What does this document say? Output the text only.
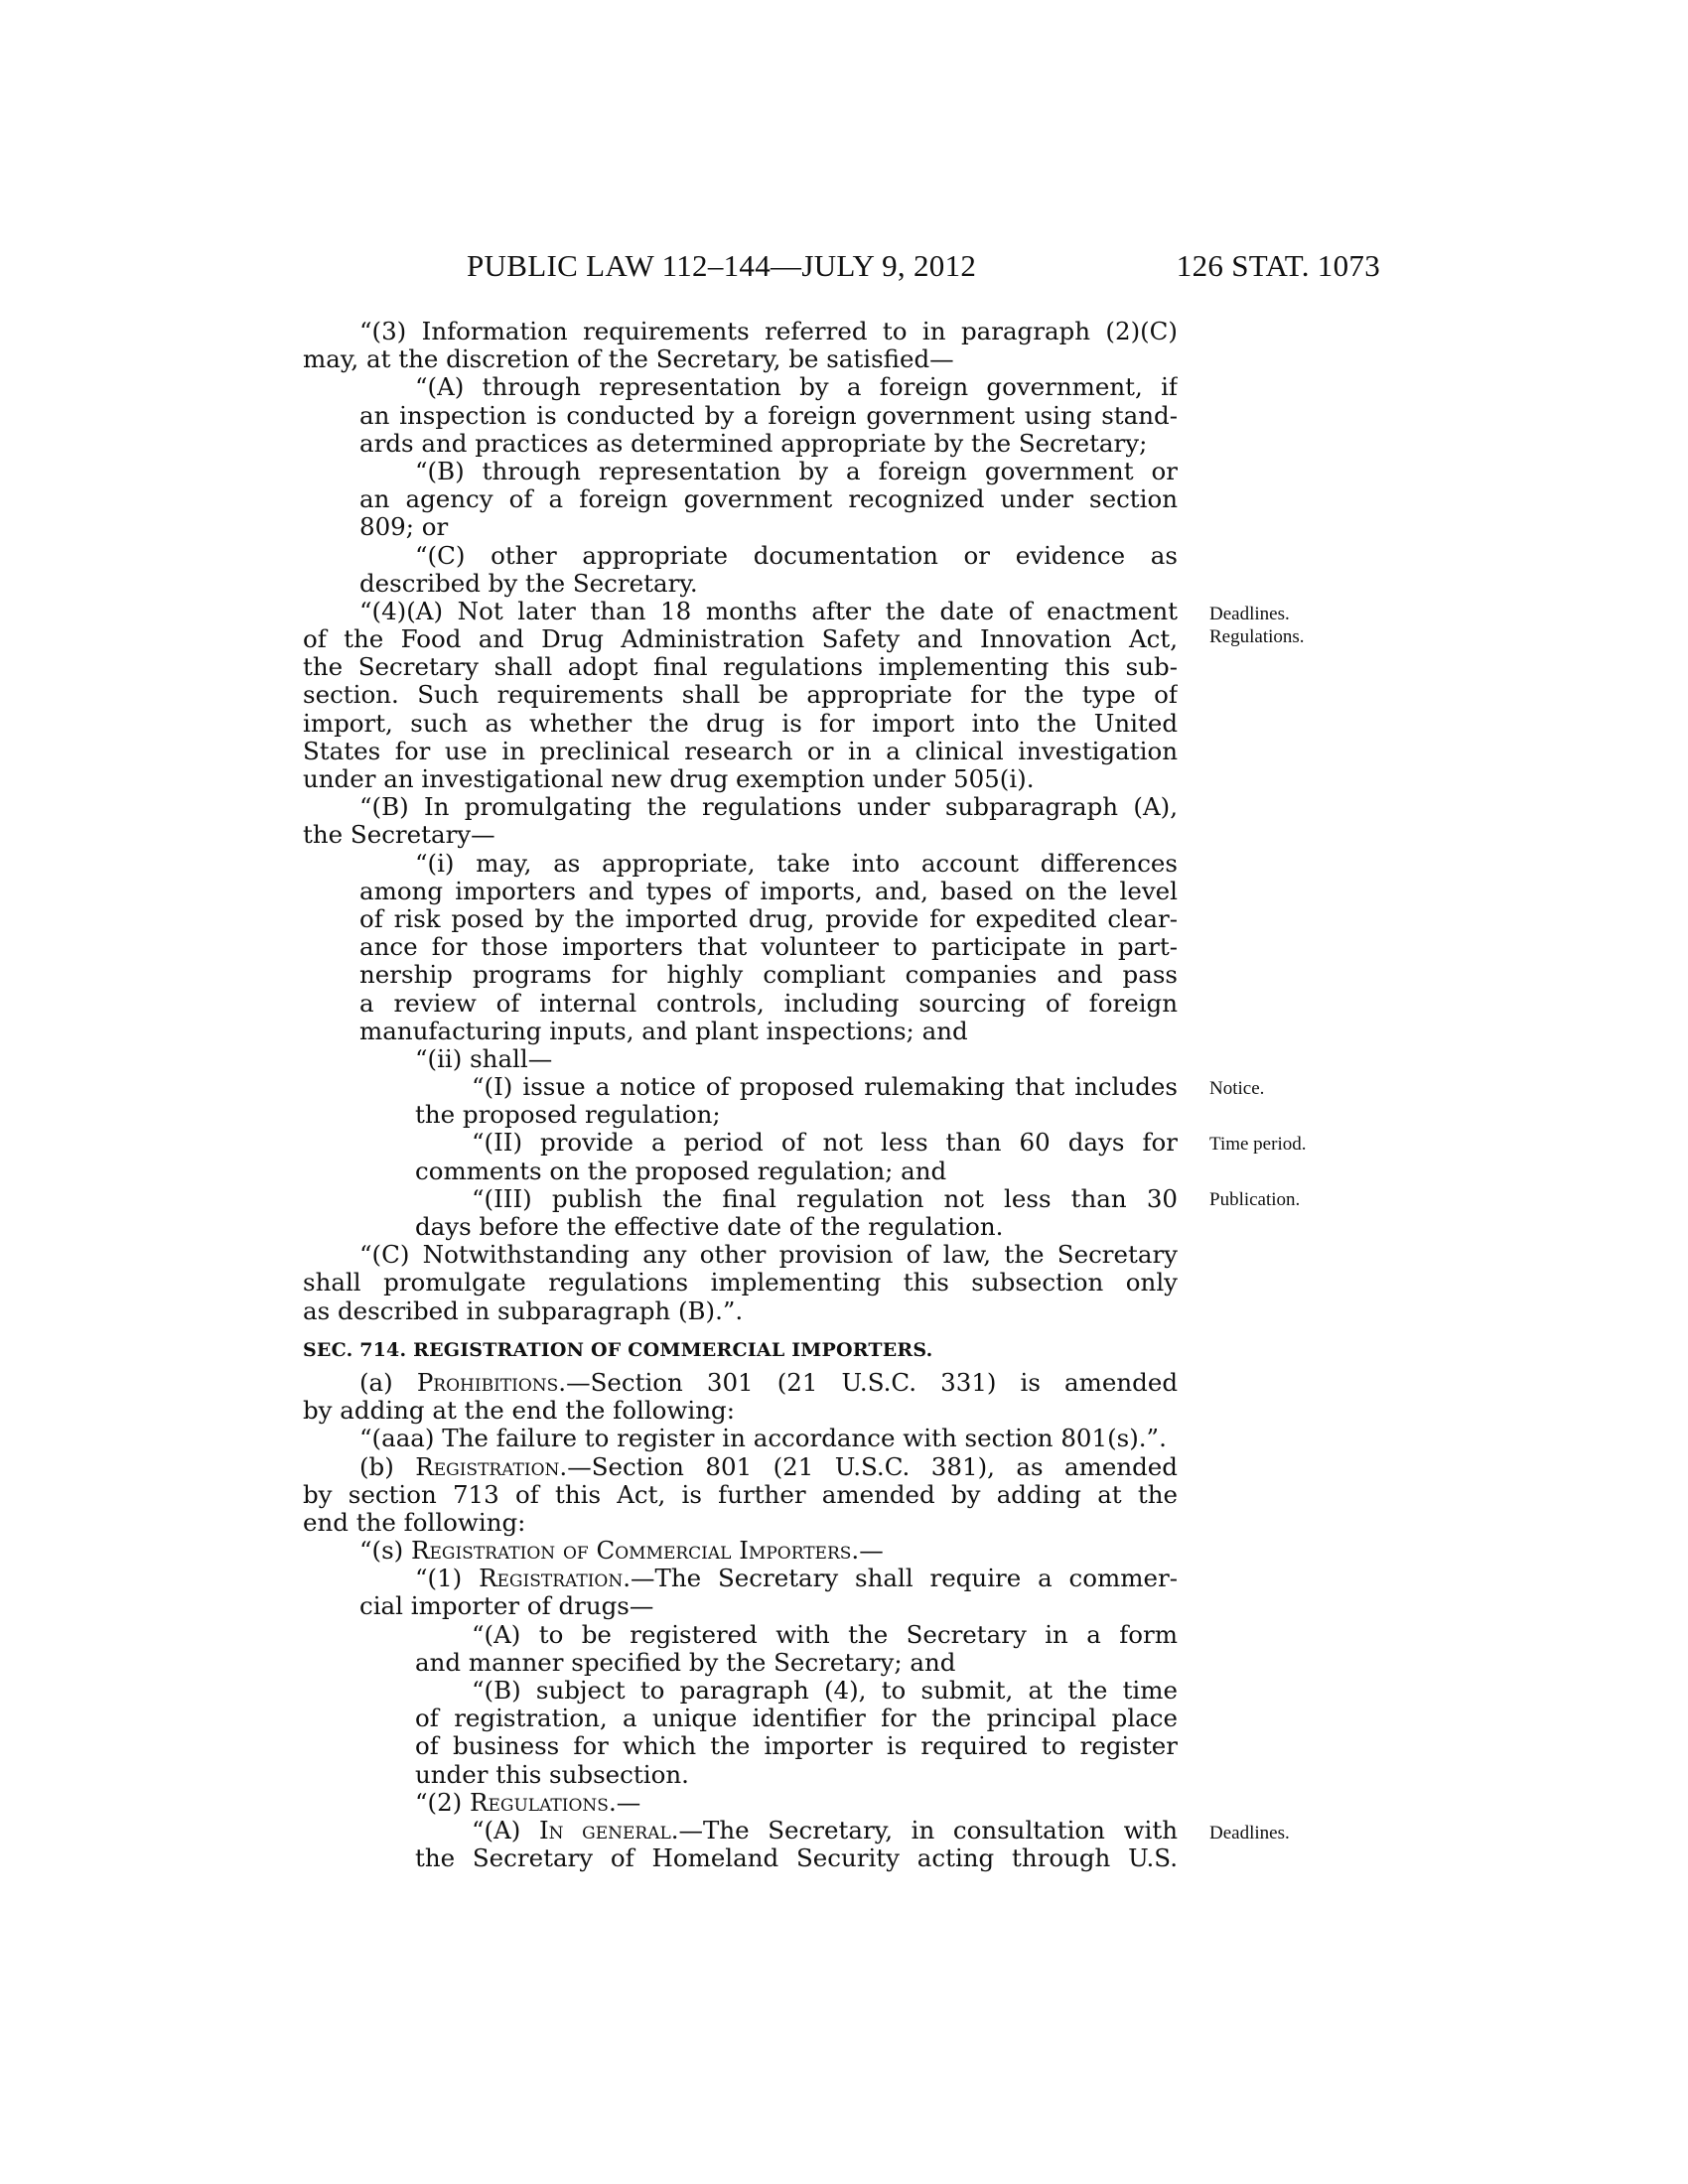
PUBLIC LAW 112–144—JULY 9, 2012	126 STAT. 1073
“(3) Information requirements referred to in paragraph (2)(C)
may, at the discretion of the Secretary, be satisfied—
“(A) through representation by a foreign government, if
an inspection is conducted by a foreign government using stand-
ards and practices as determined appropriate by the Secretary;
“(B) through representation by a foreign government or
an agency of a foreign government recognized under section
809; or
“(C) other appropriate documentation or evidence as
described by the Secretary.
“(4)(A) Not later than 18 months after the date of enactment
of the Food and Drug Administration Safety and Innovation Act,
the Secretary shall adopt final regulations implementing this sub-
section. Such requirements shall be appropriate for the type of
import, such as whether the drug is for import into the United
States for use in preclinical research or in a clinical investigation
under an investigational new drug exemption under 505(i).
“(B) In promulgating the regulations under subparagraph (A),
the Secretary—
“(i) may, as appropriate, take into account differences
among importers and types of imports, and, based on the level
of risk posed by the imported drug, provide for expedited clear-
ance for those importers that volunteer to participate in part-
nership programs for highly compliant companies and pass
a review of internal controls, including sourcing of foreign
manufacturing inputs, and plant inspections; and
“(ii) shall—
“(I) issue a notice of proposed rulemaking that includes
the proposed regulation;
“(II) provide a period of not less than 60 days for
comments on the proposed regulation; and
“(III) publish the final regulation not less than 30
days before the effective date of the regulation.
“(C) Notwithstanding any other provision of law, the Secretary
shall promulgate regulations implementing this subsection only
as described in subparagraph (B).”.
SEC. 714. REGISTRATION OF COMMERCIAL IMPORTERS.
(a) Prohibitions.—Section 301 (21 U.S.C. 331) is amended
by adding at the end the following:
“(aaa) The failure to register in accordance with section 801(s).”.
(b) Registration.—Section 801 (21 U.S.C. 381), as amended
by section 713 of this Act, is further amended by adding at the
end the following:
“(s) Registration of Commercial Importers.—
“(1) Registration.—The Secretary shall require a commer-
cial importer of drugs—
“(A) to be registered with the Secretary in a form
and manner specified by the Secretary; and
“(B) subject to paragraph (4), to submit, at the time
of registration, a unique identifier for the principal place
of business for which the importer is required to register
under this subsection.
“(2) Regulations.—
“(A) In general.—The Secretary, in consultation with
the Secretary of Homeland Security acting through U.S.
Deadlines.
Regulations.
Notice.
Time period.
Publication.
Deadlines.
